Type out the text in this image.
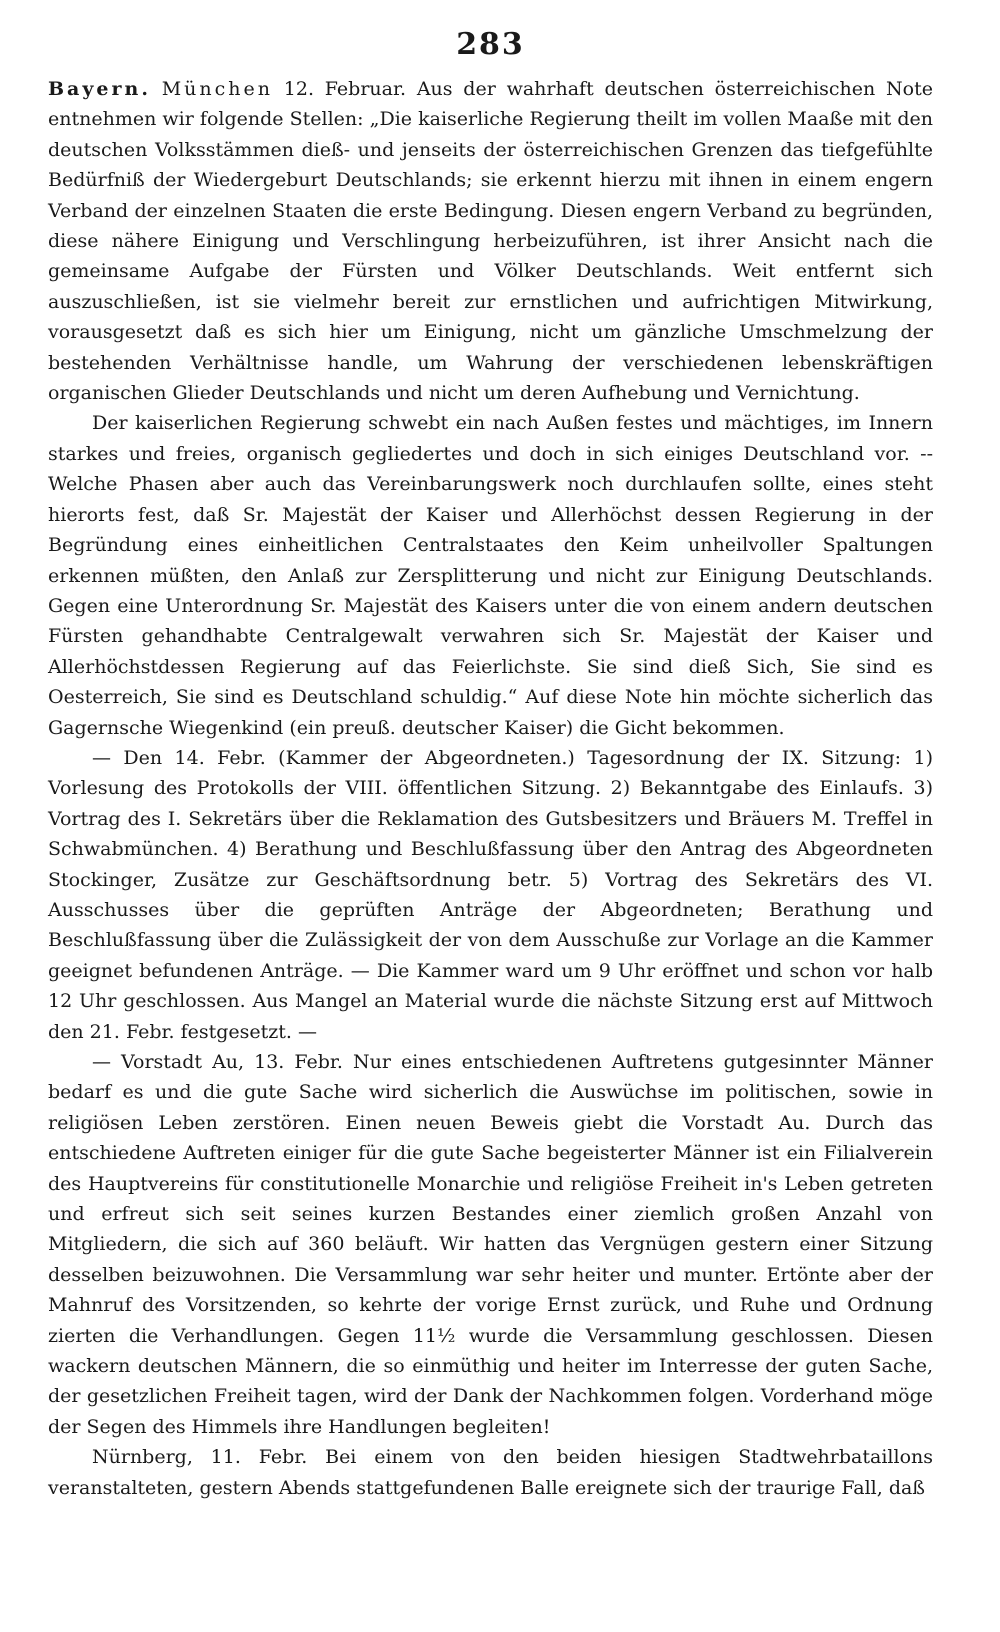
283

Bayern. München 12. Februar. Aus der wahrhaft deutschen österreichischen Note entnehmen wir folgende Stellen: „Die kaiserliche Regierung theilt im vollen Maaße mit den deutschen Volksstämmen dieß- und jenseits der österreichischen Grenzen das tiefgefühlte Bedürfniß der Wiedergeburt Deutschlands; sie erkennt hierzu mit ihnen in einem engern Verband der einzelnen Staaten die erste Bedingung. Diesen engern Verband zu begründen, diese nähere Einigung und Verschlingung herbeizuführen, ist ihrer Ansicht nach die gemeinsame Aufgabe der Fürsten und Völker Deutschlands. Weit entfernt sich auszuschließen, ist sie vielmehr bereit zur ernstlichen und aufrichtigen Mitwirkung, vorausgesetzt daß es sich hier um Einigung, nicht um gänzliche Umschmelzung der bestehenden Verhältnisse handle, um Wahrung der verschiedenen lebenskräftigen organischen Glieder Deutschlands und nicht um deren Aufhebung und Vernichtung.

Der kaiserlichen Regierung schwebt ein nach Außen festes und mächtiges, im Innern starkes und freies, organisch gegliedertes und doch in sich einiges Deutschland vor. -- Welche Phasen aber auch das Vereinbarungswerk noch durchlaufen sollte, eines steht hierorts fest, daß Sr. Majestät der Kaiser und Allerhöchst dessen Regierung in der Begründung eines einheitlichen Centralstaates den Keim unheilvoller Spaltungen erkennen müßten, den Anlaß zur Zersplitterung und nicht zur Einigung Deutschlands. Gegen eine Unterordnung Sr. Majestät des Kaisers unter die von einem andern deutschen Fürsten gehandhabte Centralgewalt verwahren sich Sr. Majestät der Kaiser und Allerhöchstdessen Regierung auf das Feierlichste. Sie sind dieß Sich, Sie sind es Oesterreich, Sie sind es Deutschland schuldig.“ Auf diese Note hin möchte sicherlich das Gagernsche Wiegenkind (ein preuß. deutscher Kaiser) die Gicht bekommen.

— Den 14. Febr. (Kammer der Abgeordneten.) Tagesordnung der IX. Sitzung: 1) Vorlesung des Protokolls der VIII. öffentlichen Sitzung. 2) Bekanntgabe des Einlaufs. 3) Vortrag des I. Sekretärs über die Reklamation des Gutsbesitzers und Bräuers M. Treffel in Schwabmünchen. 4) Berathung und Beschlußfassung über den Antrag des Abgeordneten Stockinger, Zusätze zur Geschäftsordnung betr. 5) Vortrag des Sekretärs des VI. Ausschusses über die geprüften Anträge der Abgeordneten; Berathung und Beschlußfassung über die Zulässigkeit der von dem Ausschuße zur Vorlage an die Kammer geeignet befundenen Anträge. — Die Kammer ward um 9 Uhr eröffnet und schon vor halb 12 Uhr geschlossen. Aus Mangel an Material wurde die nächste Sitzung erst auf Mittwoch den 21. Febr. festgesetzt. —

— Vorstadt Au, 13. Febr. Nur eines entschiedenen Auftretens gutgesinnter Männer bedarf es und die gute Sache wird sicherlich die Auswüchse im politischen, sowie in religiösen Leben zerstören. Einen neuen Beweis giebt die Vorstadt Au. Durch das entschiedene Auftreten einiger für die gute Sache begeisterter Männer ist ein Filialverein des Hauptvereins für constitutionelle Monarchie und religiöse Freiheit in's Leben getreten und erfreut sich seit seines kurzen Bestandes einer ziemlich großen Anzahl von Mitgliedern, die sich auf 360 beläuft. Wir hatten das Vergnügen gestern einer Sitzung desselben beizuwohnen. Die Versammlung war sehr heiter und munter. Ertönte aber der Mahnruf des Vorsitzenden, so kehrte der vorige Ernst zurück, und Ruhe und Ordnung zierten die Verhandlungen. Gegen 11½ wurde die Versammlung geschlossen. Diesen wackern deutschen Männern, die so einmüthig und heiter im Interresse der guten Sache, der gesetzlichen Freiheit tagen, wird der Dank der Nachkommen folgen. Vorderhand möge der Segen des Himmels ihre Handlungen begleiten!

Nürnberg, 11. Febr. Bei einem von den beiden hiesigen Stadtwehrbataillons veranstalteten, gestern Abends stattgefundenen Balle ereignete sich der traurige Fall, daß
